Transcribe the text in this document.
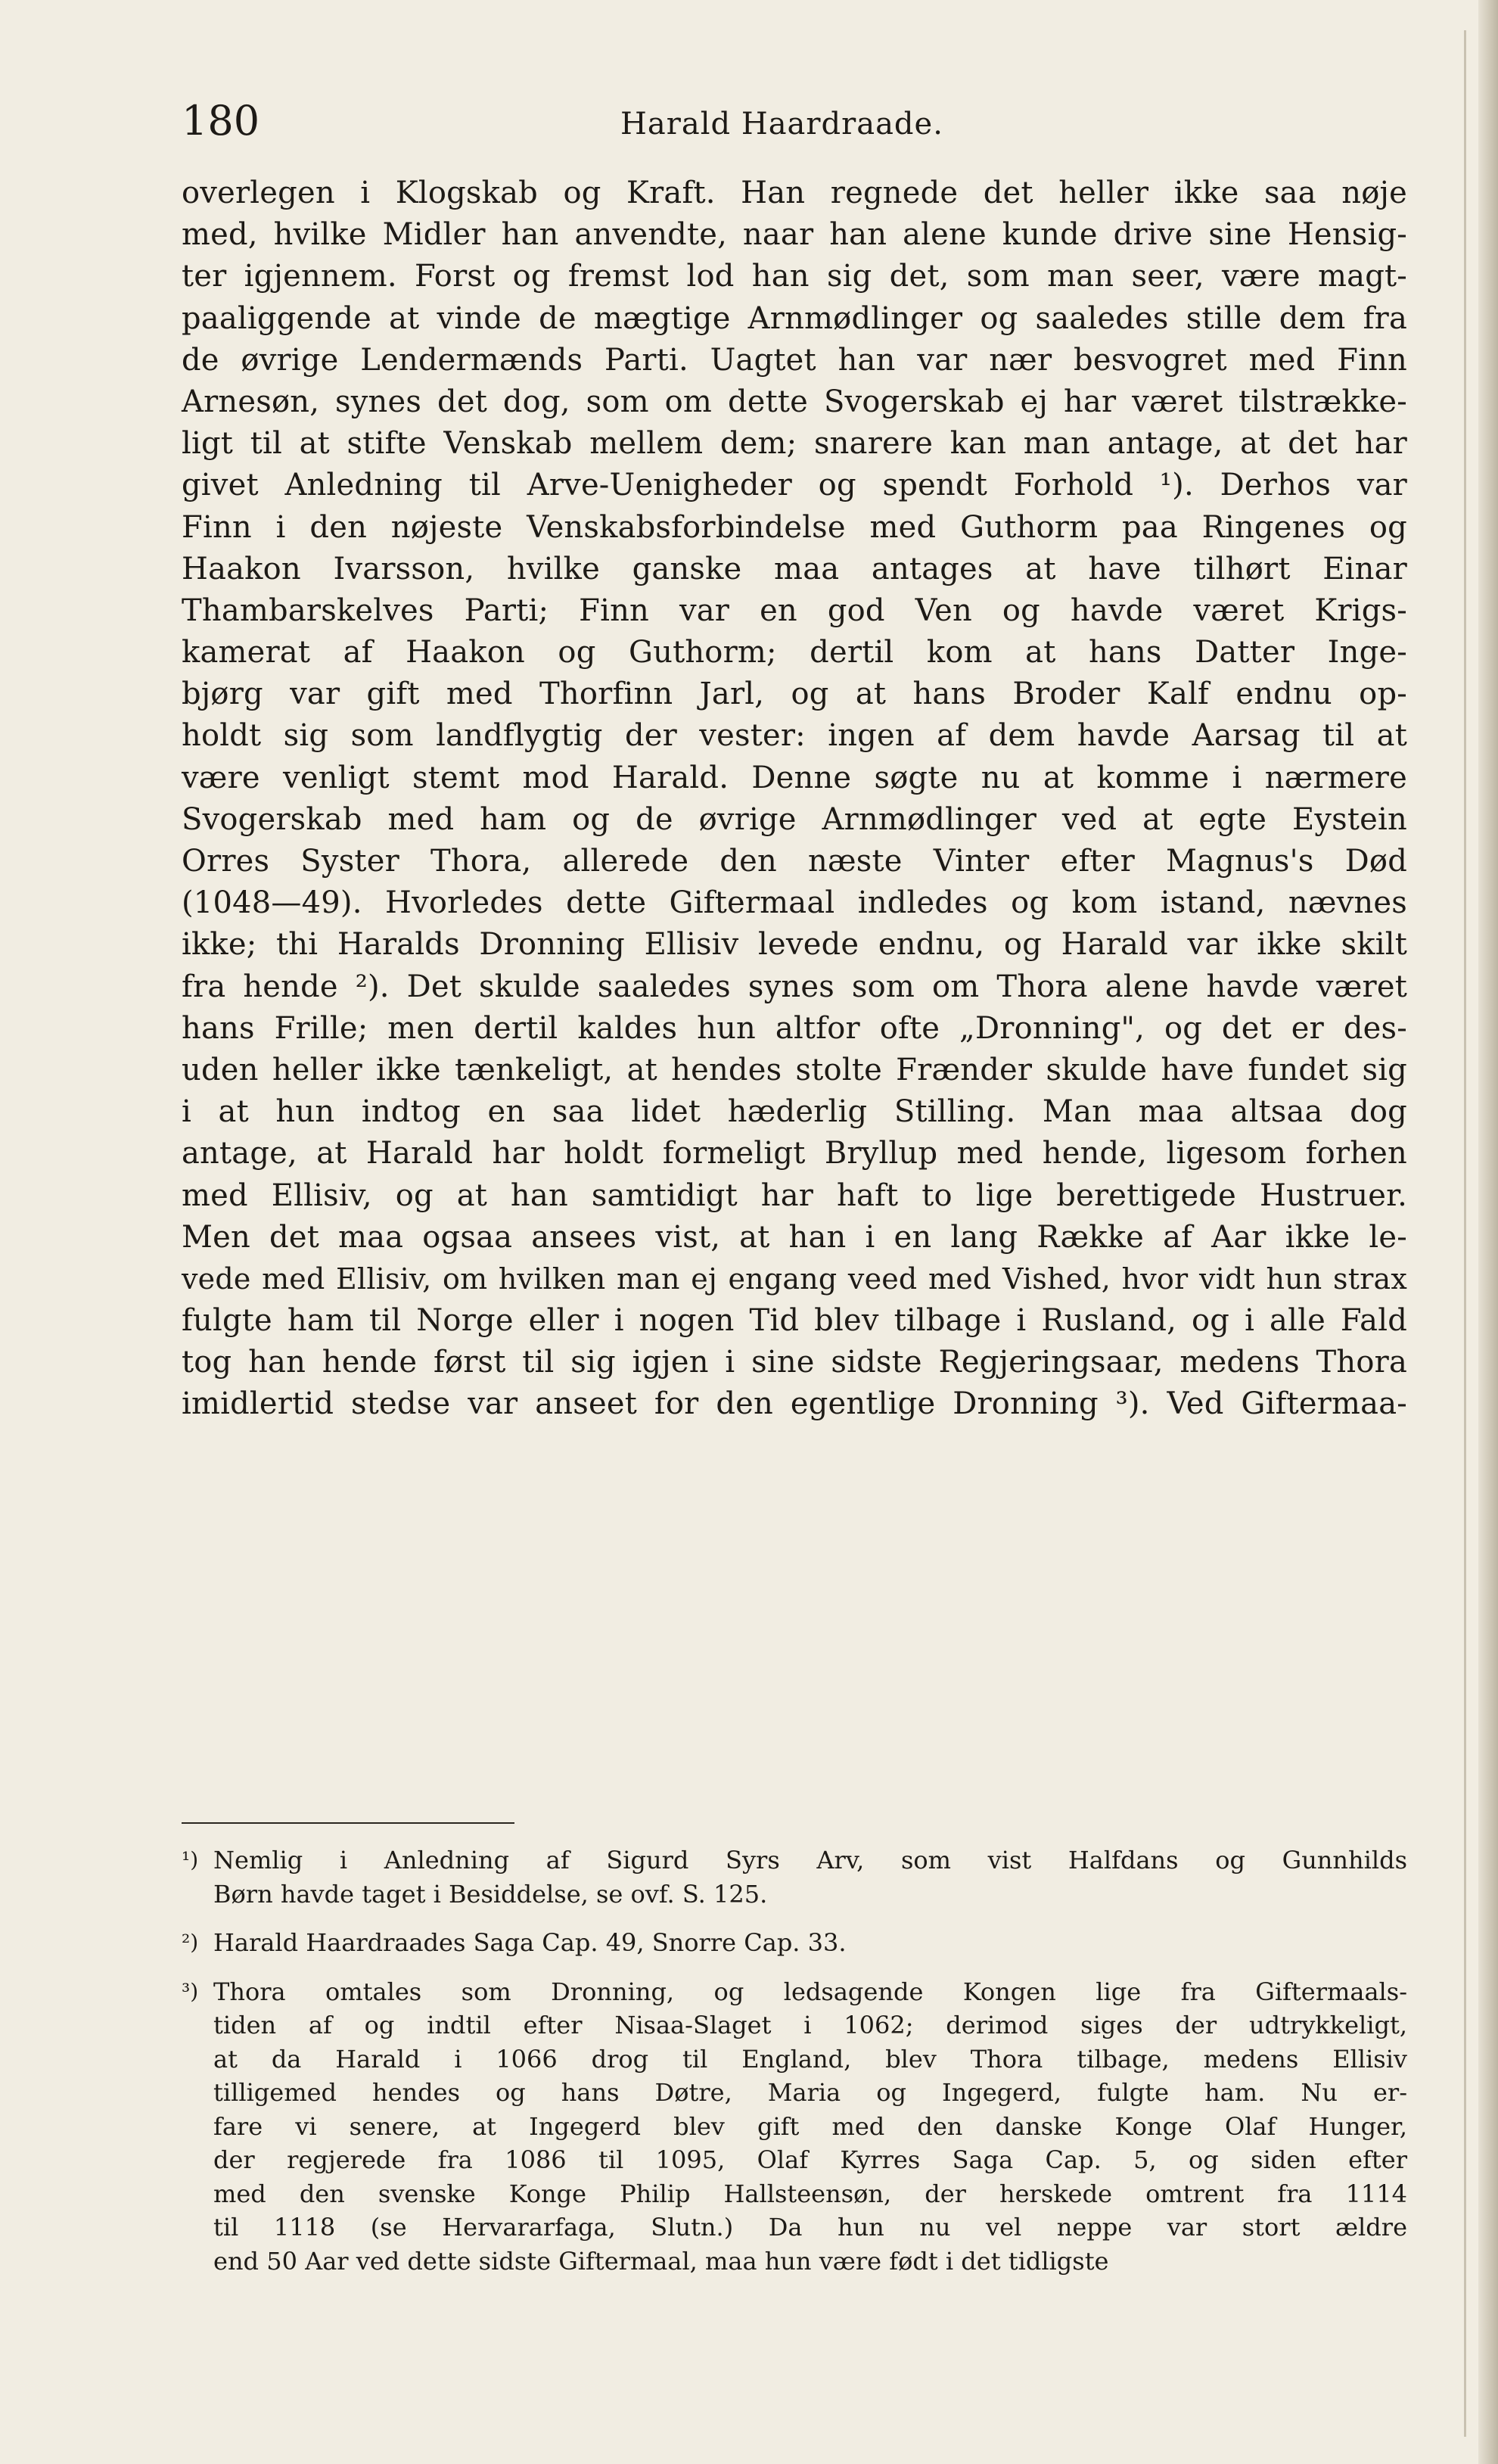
180	Harald Haardraade.
overlegen i Klogskab og Kraft. Han regnede det heller ikke saa nøje
med, hvilke Midler han anvendte, naar han alene kunde drive sine Hensig-
ter igjennem. Forst og fremst lod han sig det, som man seer, være magt-
paaliggende at vinde de mægtige Arnmødlinger og saaledes stille dem fra
de øvrige Lendermænds Parti. Uagtet han var nær besvogret med Finn
Arnesøn, synes det dog, som om dette Svogerskab ej har været tilstrække-
ligt til at stifte Venskab mellem dem; snarere kan man antage, at det har
givet Anledning til Arve-Uenigheder og spendt Forhold ¹). Derhos var
Finn i den nøjeste Venskabsforbindelse med Guthorm paa Ringenes og
Haakon Ivarsson, hvilke ganske maa antages at have tilhørt Einar
Thambarskelves Parti; Finn var en god Ven og havde været Krigs-
kamerat af Haakon og Guthorm; dertil kom at hans Datter Inge-
bjørg var gift med Thorfinn Jarl, og at hans Broder Kalf endnu op-
holdt sig som landflygtig der vester: ingen af dem havde Aarsag til at
være venligt stemt mod Harald. Denne søgte nu at komme i nærmere
Svogerskab med ham og de øvrige Arnmødlinger ved at egte Eystein
Orres Syster Thora, allerede den næste Vinter efter Magnus's Død
(1048—49). Hvorledes dette Giftermaal indledes og kom istand, nævnes
ikke; thi Haralds Dronning Ellisiv levede endnu, og Harald var ikke skilt
fra hende ²). Det skulde saaledes synes som om Thora alene havde været
hans Frille; men dertil kaldes hun altfor ofte „Dronning", og det er des-
uden heller ikke tænkeligt, at hendes stolte Frænder skulde have fundet sig
i at hun indtog en saa lidet hæderlig Stilling. Man maa altsaa dog
antage, at Harald har holdt formeligt Bryllup med hende, ligesom forhen
med Ellisiv, og at han samtidigt har haft to lige berettigede Hustruer.
Men det maa ogsaa ansees vist, at han i en lang Række af Aar ikke le-
vede med Ellisiv, om hvilken man ej engang veed med Vished, hvor vidt hun strax
fulgte ham til Norge eller i nogen Tid blev tilbage i Rusland, og i alle Fald
tog han hende først til sig igjen i sine sidste Regjeringsaar, medens Thora
imidlertid stedse var anseet for den egentlige Dronning ³). Ved Giftermaa-
¹) Nemlig i Anledning af Sigurd Syrs Arv, som vist Halfdans og Gunnhilds
Børn havde taget i Besiddelse, se ovf. S. 125.
²) Harald Haardraades Saga Cap. 49, Snorre Cap. 33.
³) Thora omtales som Dronning, og ledsagende Kongen lige fra Giftermaals-
tiden af og indtil efter Nisaa-Slaget i 1062; derimod siges der udtrykkeligt,
at da Harald i 1066 drog til England, blev Thora tilbage, medens Ellisiv
tilligemed hendes og hans Døtre, Maria og Ingegerd, fulgte ham. Nu er-
fare vi senere, at Ingegerd blev gift med den danske Konge Olaf Hunger,
der regjerede fra 1086 til 1095, Olaf Kyrres Saga Cap. 5, og siden efter
med den svenske Konge Philip Hallsteensøn, der herskede omtrent fra 1114
til 1118 (se Hervararfaga, Slutn.) Da hun nu vel neppe var stort ældre
end 50 Aar ved dette sidste Giftermaal, maa hun være født i det tidligste
